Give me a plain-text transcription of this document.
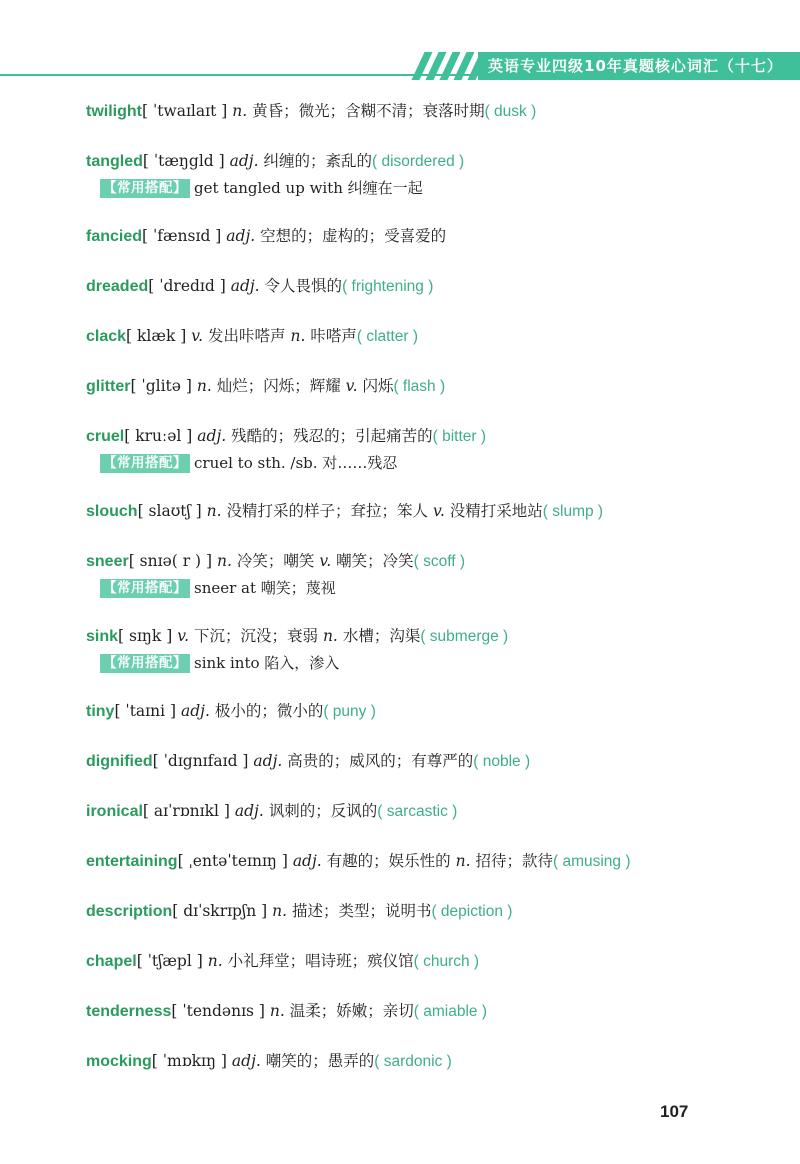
英语专业四级10年真题核心词汇（十七）
twilight[ ˈtwaɪlaɪt ] n. 黄昏；微光；含糊不清；衰落时期( dusk )
tangled[ ˈtæŋgld ] adj. 纠缠的；紊乱的( disordered )
【常用搭配】 get tangled up with 纠缠在一起
fancied[ ˈfænsɪd ] adj. 空想的；虚构的；受喜爱的
dreaded[ ˈdredɪd ] adj. 令人畏惧的( frightening )
clack[ klæk ] v. 发出咔嗒声 n. 咔嗒声( clatter )
glitter[ ˈglitə ] n. 灿烂；闪烁；辉耀 v. 闪烁( flash )
cruel[ kruːəl ] adj. 残酷的；残忍的；引起痛苦的( bitter )
【常用搭配】 cruel to sth. /sb. 对……残忍
slouch[ slaʊtʃ ] n. 没精打采的样子；耷拉；笨人 v. 没精打采地站( slump )
sneer[ snɪə( r ) ] n. 冷笑；嘲笑 v. 嘲笑；冷笑( scoff )
【常用搭配】 sneer at 嘲笑；蔑视
sink[ sɪŋk ] v. 下沉；沉没；衰弱 n. 水槽；沟渠( submerge )
【常用搭配】 sink into 陷入，渗入
tiny[ ˈtaɪni ] adj. 极小的；微小的( puny )
dignified[ ˈdɪgnɪfaɪd ] adj. 高贵的；威风的；有尊严的( noble )
ironical[ aɪˈrɒnɪkl ] adj. 讽刺的；反讽的( sarcastic )
entertaining[ ˌentəˈteɪnɪŋ ] adj. 有趣的；娱乐性的 n. 招待；款待( amusing )
description[ dɪˈskrɪpʃn ] n. 描述；类型；说明书( depiction )
chapel[ ˈtʃæpl ] n. 小礼拜堂；唱诗班；殡仪馆( church )
tenderness[ ˈtendənɪs ] n. 温柔；娇嫩；亲切( amiable )
mocking[ ˈmɒkɪŋ ] adj. 嘲笑的；愚弄的( sardonic )
107
